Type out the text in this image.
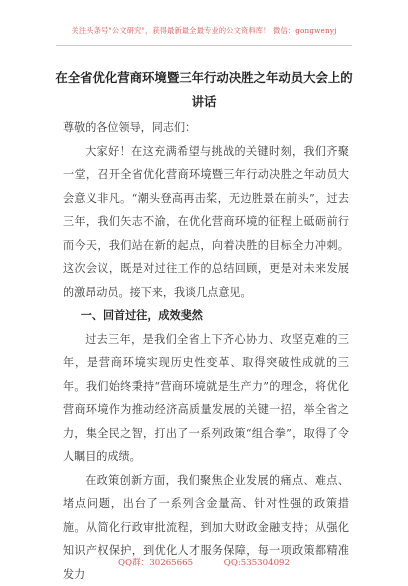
关注头条号"公文研究"，获得最新最全最专业的公文资料库！ 微信：gongwenyj
在全省优化营商环境暨三年行动决胜之年动员大会上的讲话

尊敬的各位领导，同志们：

大家好！在这充满希望与挑战的关键时刻，我们齐聚一堂，召开全省优化营商环境暨三年行动决胜之年动员大会意义非凡。“潮头登高再击桨，无边胜景在前头”，过去三年，我们矢志不渝，在优化营商环境的征程上砥砺前行而今天，我们站在新的起点，向着决胜的目标全力冲刺。这次会议，既是对过往工作的总结回顾，更是对未来发展的激昂动员。接下来，我谈几点意见。

一、回首过往，成效斐然

过去三年，是我们全省上下齐心协力、攻坚克难的三年，是营商环境实现历史性变革、取得突破性成就的三年。我们始终秉持“营商环境就是生产力”的理念，将优化营商环境作为推动经济高质量发展的关键一招，举全省之力，集全民之智，打出了一系列政策“组合拳”，取得了令人瞩目的成绩。

在政策创新方面，我们聚焦企业发展的痛点、难点、堵点问题，出台了一系列含金量高、针对性强的政策措施。从简化行政审批流程，到加大财政金融支持；从强化知识产权保护，到优化人才服务保障，每一项政策都精准发力

QQ群：30265665	QQ:535304092
